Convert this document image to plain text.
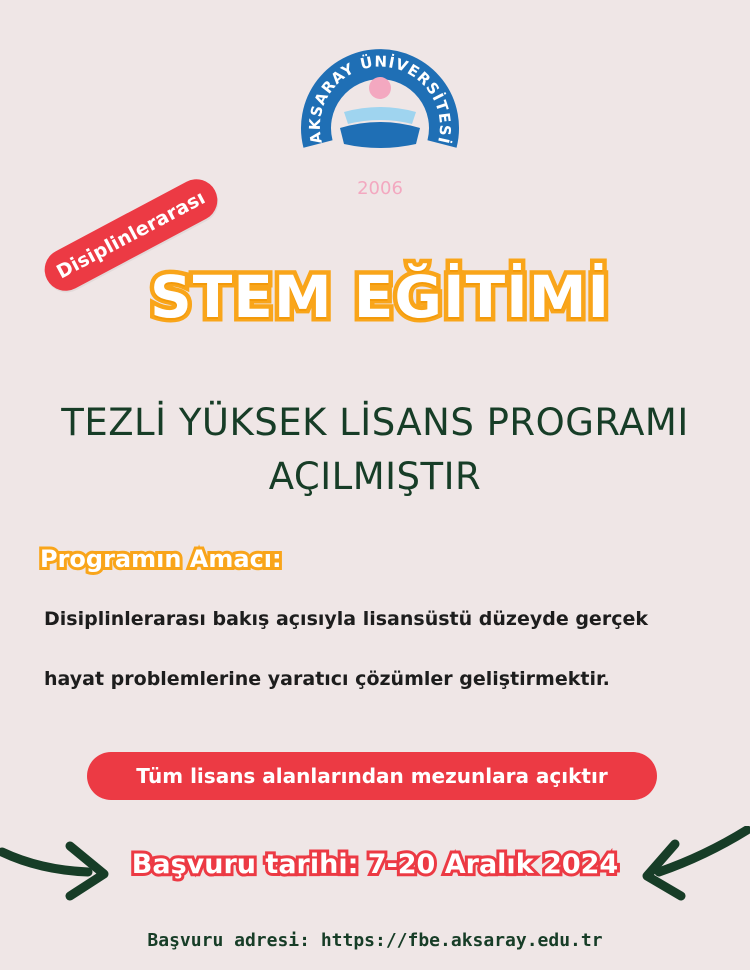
AKSARAY ÜNİVERSİTESİ
2006
Disiplinlerarası
STEM EĞİTİMİ
TEZLİ YÜKSEK LİSANS PROGRAMI
AÇILMIŞTIR
Programın Amacı:
Disiplinlerarası bakış açısıyla lisansüstü düzeyde gerçek
hayat problemlerine yaratıcı çözümler geliştirmektir.
Tüm lisans alanlarından mezunlara açıktır
Başvuru tarihi: 7-20 Aralık 2024
Başvuru adresi: https://fbe.aksaray.edu.tr
